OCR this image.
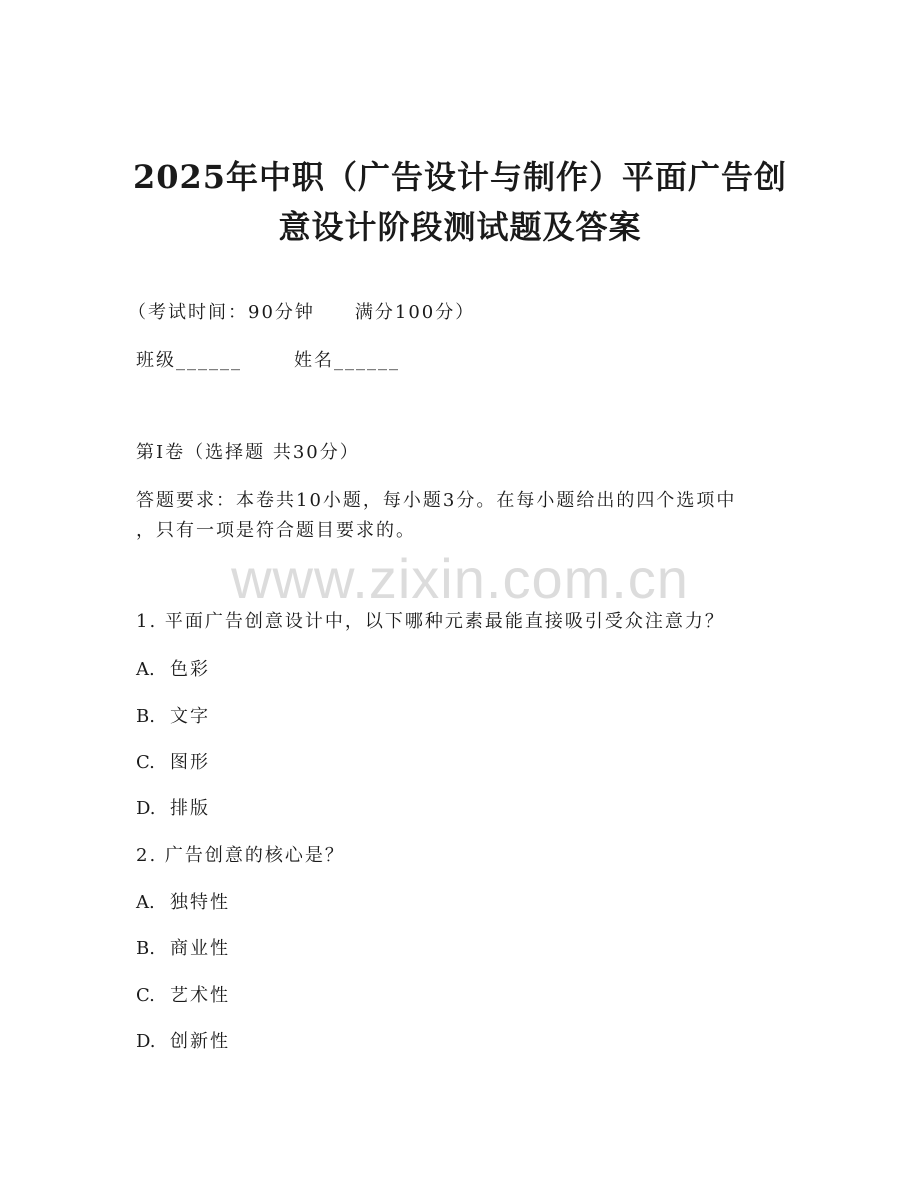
2025年中职（广告设计与制作）平面广告创
意设计阶段测试题及答案
（考试时间：90分钟 满分100分）
班级______	姓名______
第I卷（选择题 共30分）
答题要求：本卷共10小题，每小题3分。在每小题给出的四个选项中
，只有一项是符合题目要求的。
www.zixin.com.cn
1. 平面广告创意设计中，以下哪种元素最能直接吸引受众注意力？
A. 色彩
B. 文字
C. 图形
D. 排版
2. 广告创意的核心是？
A. 独特性
B. 商业性
C. 艺术性
D. 创新性
